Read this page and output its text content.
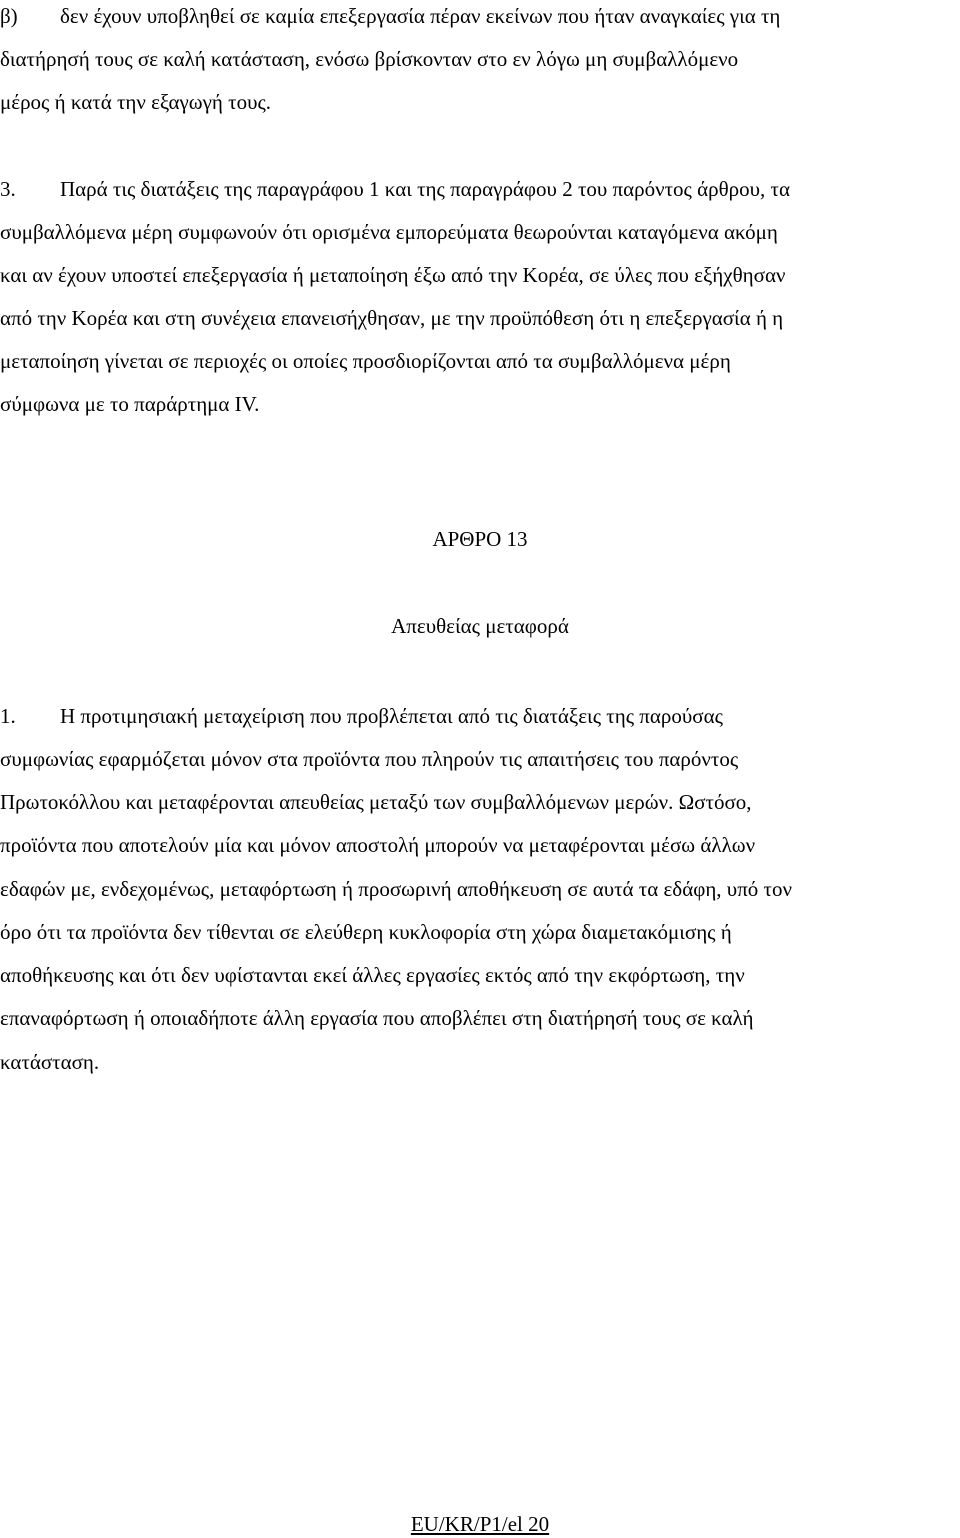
β) δεν έχουν υποβληθεί σε καμία επεξεργασία πέραν εκείνων που ήταν αναγκαίες για τη
διατήρησή τους σε καλή κατάσταση, ενόσω βρίσκονταν στο εν λόγω μη συμβαλλόμενο
μέρος ή κατά την εξαγωγή τους.
3. Παρά τις διατάξεις της παραγράφου 1 και της παραγράφου 2 του παρόντος άρθρου, τα
συμβαλλόμενα μέρη συμφωνούν ότι ορισμένα εμπορεύματα θεωρούνται καταγόμενα ακόμη
και αν έχουν υποστεί επεξεργασία ή μεταποίηση έξω από την Κορέα, σε ύλες που εξήχθησαν
από την Κορέα και στη συνέχεια επανεισήχθησαν, με την προϋπόθεση ότι η επεξεργασία ή η
μεταποίηση γίνεται σε περιοχές οι οποίες προσδιορίζονται από τα συμβαλλόμενα μέρη
σύμφωνα με το παράρτημα IV.
ΑΡΘΡΟ 13
Απευθείας μεταφορά
1. Η προτιμησιακή μεταχείριση που προβλέπεται από τις διατάξεις της παρούσας
συμφωνίας εφαρμόζεται μόνον στα προϊόντα που πληρούν τις απαιτήσεις του παρόντος
Πρωτοκόλλου και μεταφέρονται απευθείας μεταξύ των συμβαλλόμενων μερών. Ωστόσο,
προϊόντα που αποτελούν μία και μόνον αποστολή μπορούν να μεταφέρονται μέσω άλλων
εδαφών με, ενδεχομένως, μεταφόρτωση ή προσωρινή αποθήκευση σε αυτά τα εδάφη, υπό τον
όρο ότι τα προϊόντα δεν τίθενται σε ελεύθερη κυκλοφορία στη χώρα διαμετακόμισης ή
αποθήκευσης και ότι δεν υφίστανται εκεί άλλες εργασίες εκτός από την εκφόρτωση, την
επαναφόρτωση ή οποιαδήποτε άλλη εργασία που αποβλέπει στη διατήρησή τους σε καλή
κατάσταση.
EU/KR/P1/el 20
